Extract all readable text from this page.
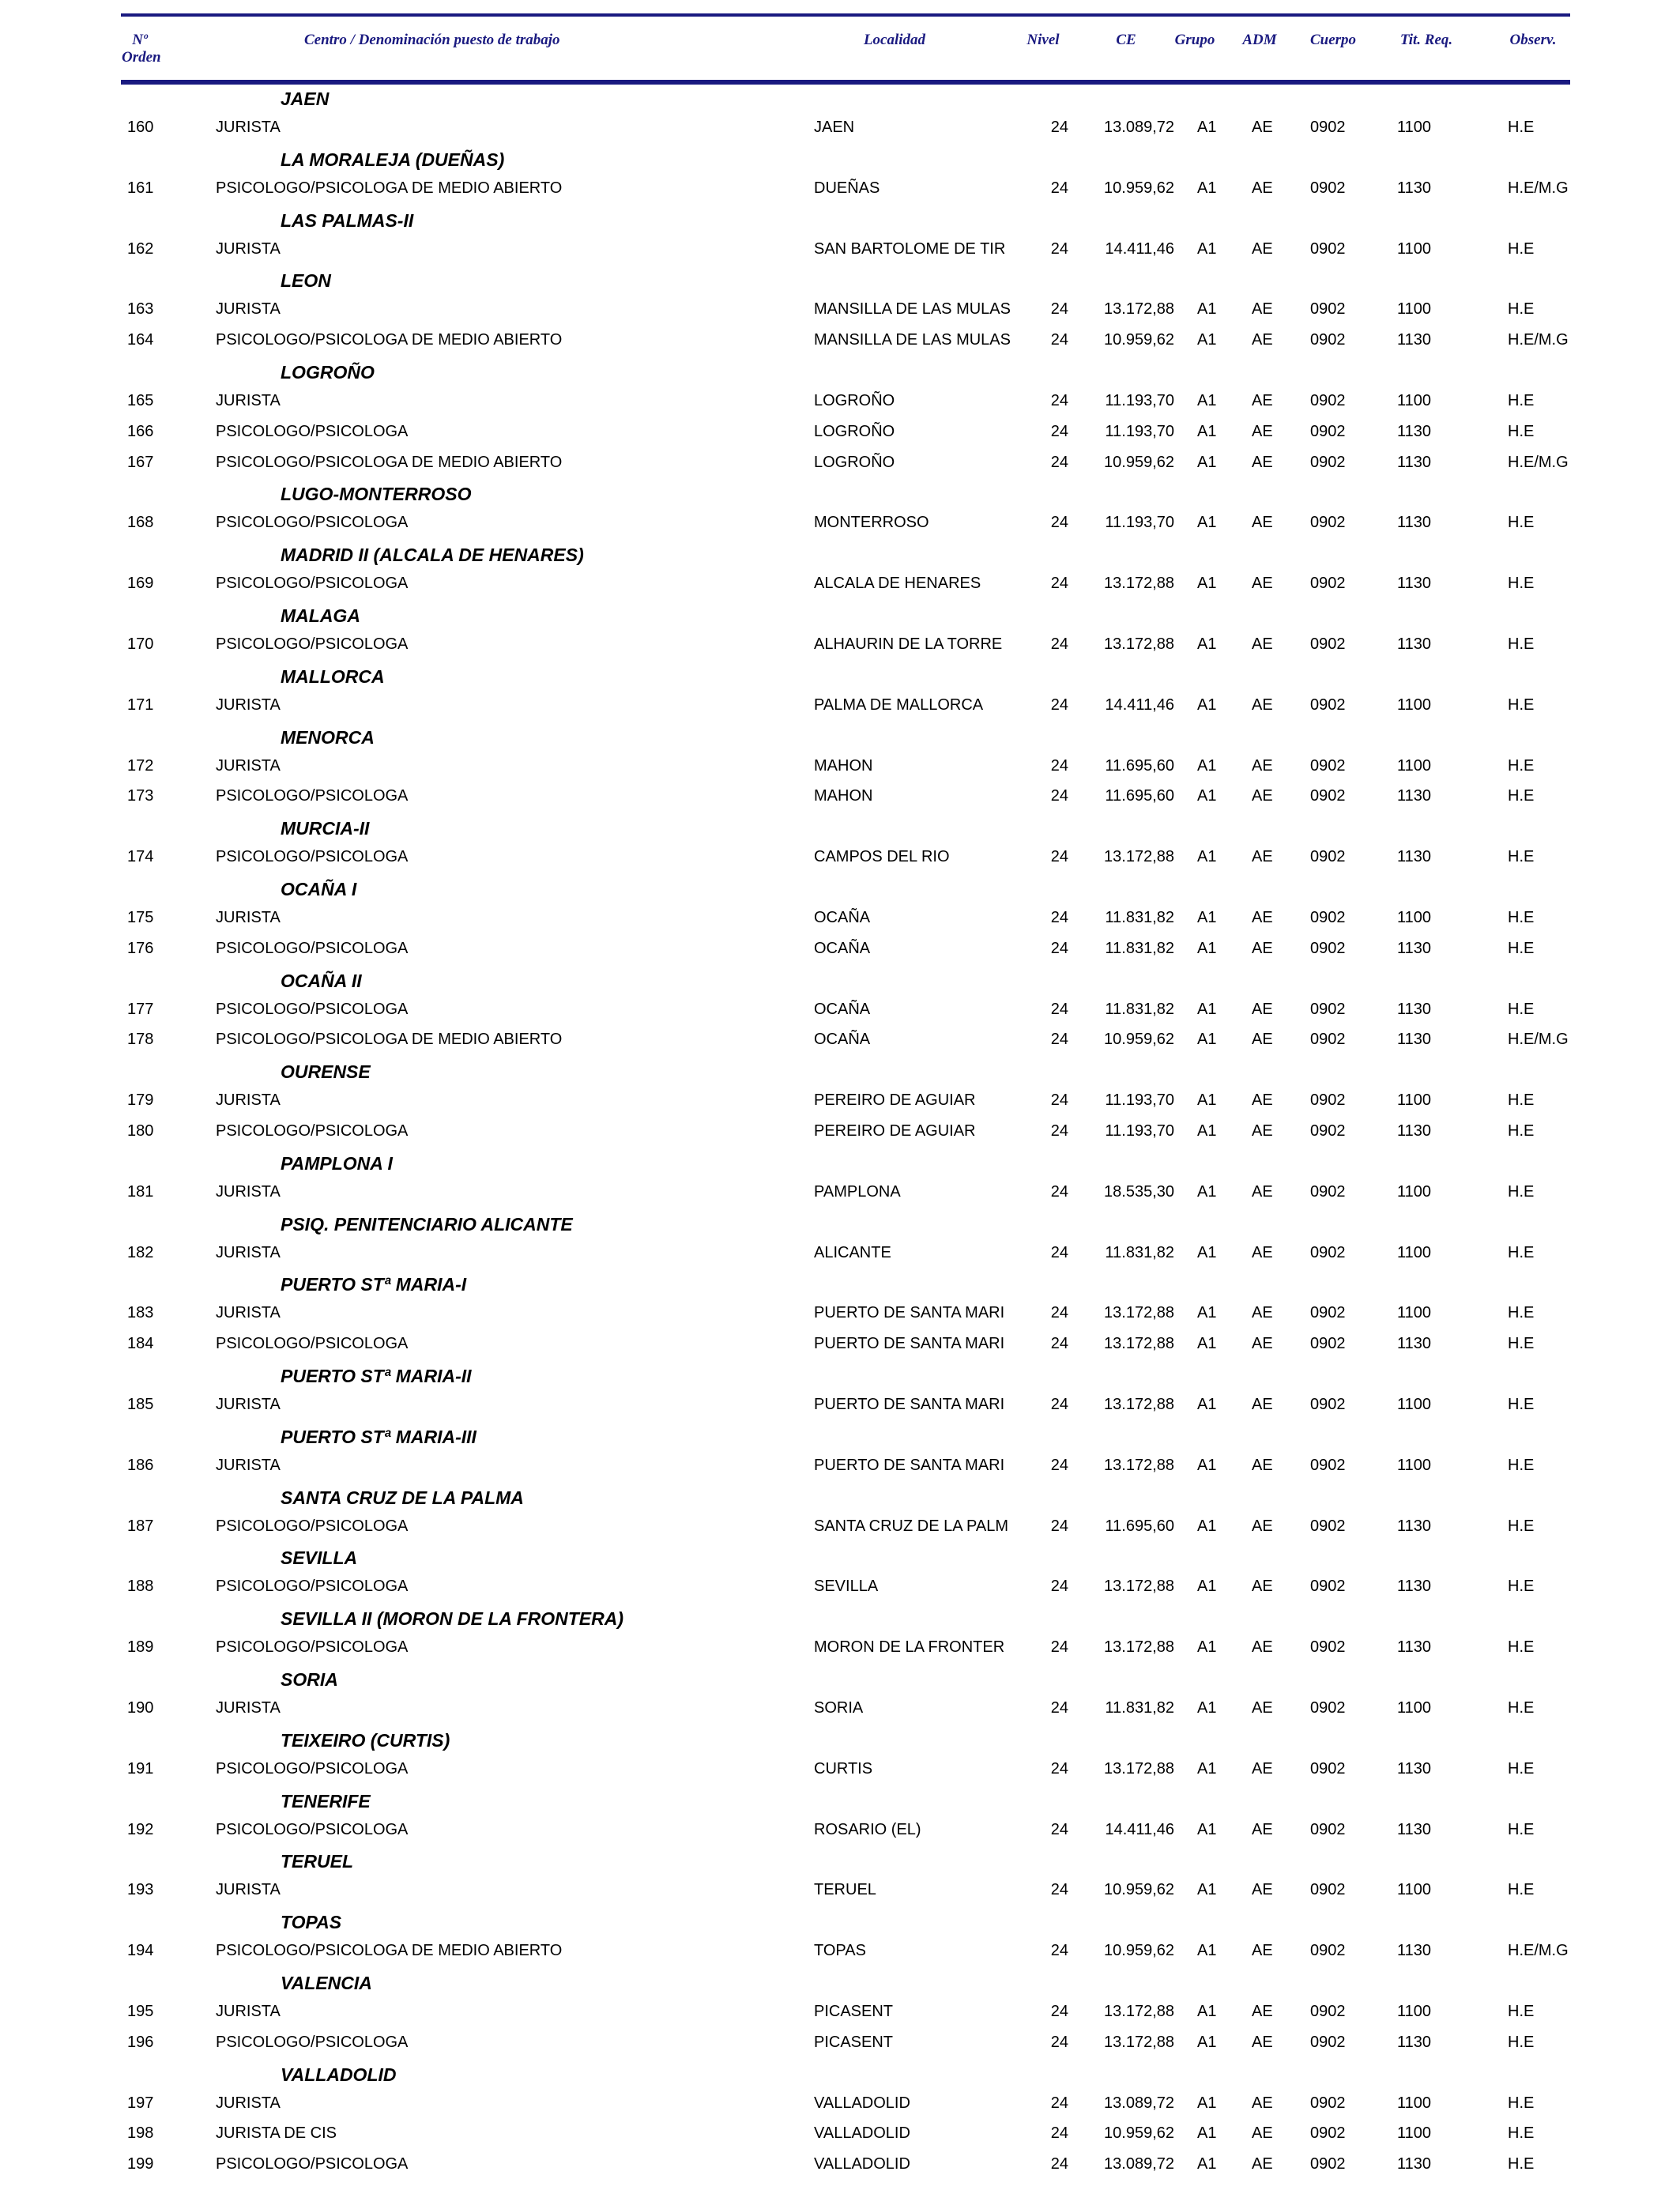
Nº
Orden
Centro / Denominación puesto de trabajo	Localidad	Nivel	CE	Grupo ADM Cuerpo	Tit. Req.	Observ.
JAEN
160	JURISTA	JAEN	24	13.089,72 A1 AE 0902	1100	H.E
LA MORALEJA (DUEÑAS)
161	PSICOLOGO/PSICOLOGA DE MEDIO ABIERTO	DUEÑAS	24	10.959,62 A1 AE 0902	1130	H.E/M.G
LAS PALMAS-II
162	JURISTA	SAN BARTOLOME DE TIR	24	14.411,46 A1 AE 0902	1100	H.E
LEON
163	JURISTA	MANSILLA DE LAS MULAS	24	13.172,88 A1 AE 0902	1100	H.E
164	PSICOLOGO/PSICOLOGA DE MEDIO ABIERTO	MANSILLA DE LAS MULAS	24	10.959,62 A1 AE 0902	1130	H.E/M.G
LOGROÑO
165	JURISTA	LOGROÑO	24	11.193,70 A1 AE 0902	1100	H.E
166	PSICOLOGO/PSICOLOGA	LOGROÑO	24	11.193,70 A1 AE 0902	1130	H.E
167	PSICOLOGO/PSICOLOGA DE MEDIO ABIERTO	LOGROÑO	24	10.959,62 A1 AE 0902	1130	H.E/M.G
LUGO-MONTERROSO
168	PSICOLOGO/PSICOLOGA	MONTERROSO	24	11.193,70 A1 AE 0902	1130	H.E
MADRID II (ALCALA DE HENARES)
169	PSICOLOGO/PSICOLOGA	ALCALA DE HENARES	24	13.172,88 A1 AE 0902	1130	H.E
MALAGA
170	PSICOLOGO/PSICOLOGA	ALHAURIN DE LA TORRE	24	13.172,88 A1 AE 0902	1130	H.E
MALLORCA
171	JURISTA	PALMA DE MALLORCA	24	14.411,46 A1 AE 0902	1100	H.E
MENORCA
172	JURISTA	MAHON	24	11.695,60 A1 AE 0902	1100	H.E
173	PSICOLOGO/PSICOLOGA	MAHON	24	11.695,60 A1 AE 0902	1130	H.E
MURCIA-II
174	PSICOLOGO/PSICOLOGA	CAMPOS DEL RIO	24	13.172,88 A1 AE 0902	1130	H.E
OCAÑA I
175	JURISTA	OCAÑA	24	11.831,82 A1 AE 0902	1100	H.E
176	PSICOLOGO/PSICOLOGA	OCAÑA	24	11.831,82 A1 AE 0902	1130	H.E
OCAÑA II
177	PSICOLOGO/PSICOLOGA	OCAÑA	24	11.831,82 A1 AE 0902	1130	H.E
178	PSICOLOGO/PSICOLOGA DE MEDIO ABIERTO	OCAÑA	24	10.959,62 A1 AE 0902	1130	H.E/M.G
OURENSE
179	JURISTA	PEREIRO DE AGUIAR	24	11.193,70 A1 AE 0902	1100	H.E
180	PSICOLOGO/PSICOLOGA	PEREIRO DE AGUIAR	24	11.193,70 A1 AE 0902	1130	H.E
PAMPLONA I
181	JURISTA	PAMPLONA	24	18.535,30 A1 AE 0902	1100	H.E
PSIQ. PENITENCIARIO ALICANTE
182	JURISTA	ALICANTE	24	11.831,82 A1 AE 0902	1100	H.E
PUERTO STª MARIA-I
183	JURISTA	PUERTO DE SANTA MARI	24	13.172,88 A1 AE 0902	1100	H.E
184	PSICOLOGO/PSICOLOGA	PUERTO DE SANTA MARI	24	13.172,88 A1 AE 0902	1130	H.E
PUERTO STª MARIA-II
185	JURISTA	PUERTO DE SANTA MARI	24	13.172,88 A1 AE 0902	1100	H.E
PUERTO STª MARIA-III
186	JURISTA	PUERTO DE SANTA MARI	24	13.172,88 A1 AE 0902	1100	H.E
SANTA CRUZ DE LA PALMA
187	PSICOLOGO/PSICOLOGA	SANTA CRUZ DE LA PALM	24	11.695,60 A1 AE 0902	1130	H.E
SEVILLA
188	PSICOLOGO/PSICOLOGA	SEVILLA	24	13.172,88 A1 AE 0902	1130	H.E
SEVILLA II (MORON DE LA FRONTERA)
189	PSICOLOGO/PSICOLOGA	MORON DE LA FRONTER	24	13.172,88 A1 AE 0902	1130	H.E
SORIA
190	JURISTA	SORIA	24	11.831,82 A1 AE 0902	1100	H.E
TEIXEIRO (CURTIS)
191	PSICOLOGO/PSICOLOGA	CURTIS	24	13.172,88 A1 AE 0902	1130	H.E
TENERIFE
192	PSICOLOGO/PSICOLOGA	ROSARIO (EL)	24	14.411,46 A1 AE 0902	1130	H.E
TERUEL
193	JURISTA	TERUEL	24	10.959,62 A1 AE 0902	1100	H.E
TOPAS
194	PSICOLOGO/PSICOLOGA DE MEDIO ABIERTO	TOPAS	24	10.959,62 A1 AE 0902	1130	H.E/M.G
VALENCIA
195	JURISTA	PICASENT	24	13.172,88 A1 AE 0902	1100	H.E
196	PSICOLOGO/PSICOLOGA	PICASENT	24	13.172,88 A1 AE 0902	1130	H.E
VALLADOLID
197	JURISTA	VALLADOLID	24	13.089,72 A1 AE 0902	1100	H.E
198	JURISTA DE CIS	VALLADOLID	24	10.959,62 A1 AE 0902	1100	H.E
199	PSICOLOGO/PSICOLOGA	VALLADOLID	24	13.089,72 A1 AE 0902	1130	H.E
